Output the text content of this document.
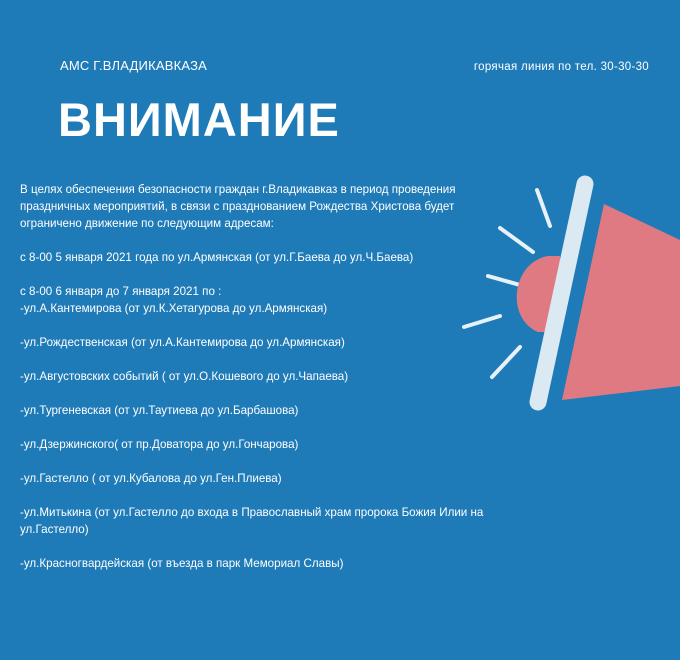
АМС Г.ВЛАДИКАВКАЗА	горячая линия по тел. 30-30-30
ВНИМАНИЕ

В целях обеспечения безопасности граждан г.Владикавказ в период проведения праздничных мероприятий, в связи с празднованием Рождества Христова будет ограничено движение по следующим адресам:

с 8-00 5 января 2021 года по ул.Армянская (от ул.Г.Баева до ул.Ч.Баева)

с 8-00 6 января до 7 января 2021 по :

-ул.А.Кантемирова (от ул.К.Хетагурова до ул.Армянская)

-ул.Рождественская (от ул.А.Кантемирова до ул.Армянская)

-ул.Августовских событий ( от ул.О.Кошевого до ул.Чапаева)

-ул.Тургеневская (от ул.Таутиева до ул.Барбашова)

-ул.Дзержинского( от пр.Доватора до ул.Гончарова)

-ул.Гастелло ( от ул.Кубалова до ул.Ген.Плиева)

-ул.Митькина (от ул.Гастелло до входа в Православный храм пророка Божия Илии на ул.Гастелло)

-ул.Красногвардейская (от въезда в парк Мемориал Славы)
